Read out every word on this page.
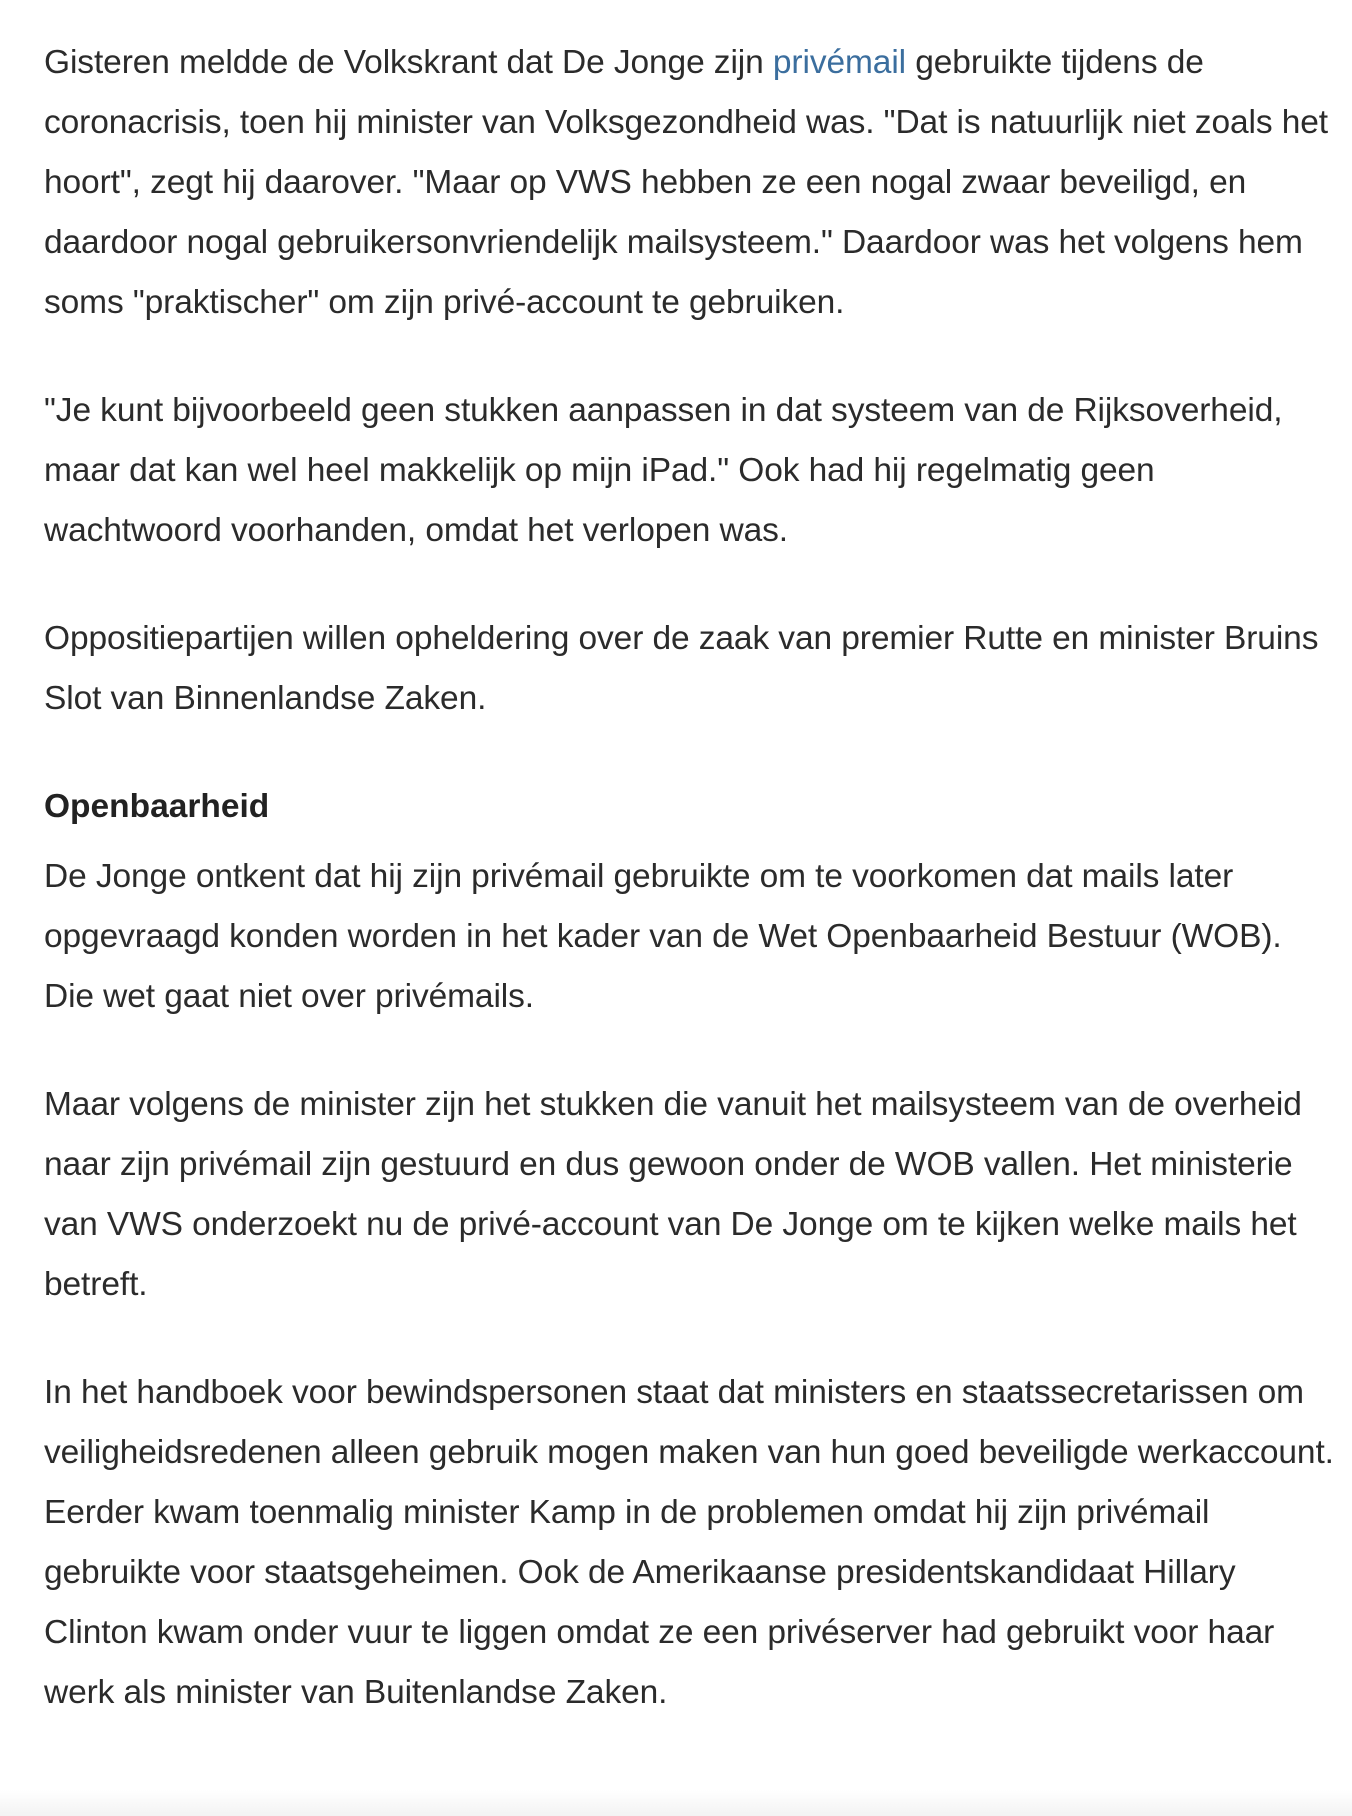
Gisteren meldde de Volkskrant dat De Jonge zijn privémail gebruikte tijdens de coronacrisis, toen hij minister van Volksgezondheid was. "Dat is natuurlijk niet zoals het hoort", zegt hij daarover. "Maar op VWS hebben ze een nogal zwaar beveiligd, en daardoor nogal gebruikersonvriendelijk mailsysteem." Daardoor was het volgens hem soms "praktischer" om zijn privé-account te gebruiken.

"Je kunt bijvoorbeeld geen stukken aanpassen in dat systeem van de Rijksoverheid, maar dat kan wel heel makkelijk op mijn iPad." Ook had hij regelmatig geen wachtwoord voorhanden, omdat het verlopen was.

Oppositiepartijen willen opheldering over de zaak van premier Rutte en minister Bruins Slot van Binnenlandse Zaken.

Openbaarheid

De Jonge ontkent dat hij zijn privémail gebruikte om te voorkomen dat mails later opgevraagd konden worden in het kader van de Wet Openbaarheid Bestuur (WOB). Die wet gaat niet over privémails.

Maar volgens de minister zijn het stukken die vanuit het mailsysteem van de overheid naar zijn privémail zijn gestuurd en dus gewoon onder de WOB vallen. Het ministerie van VWS onderzoekt nu de privé-account van De Jonge om te kijken welke mails het betreft.

In het handboek voor bewindspersonen staat dat ministers en staatssecretarissen om veiligheidsredenen alleen gebruik mogen maken van hun goed beveiligde werkaccount. Eerder kwam toenmalig minister Kamp in de problemen omdat hij zijn privémail gebruikte voor staatsgeheimen. Ook de Amerikaanse presidentskandidaat Hillary Clinton kwam onder vuur te liggen omdat ze een privéserver had gebruikt voor haar werk als minister van Buitenlandse Zaken.
